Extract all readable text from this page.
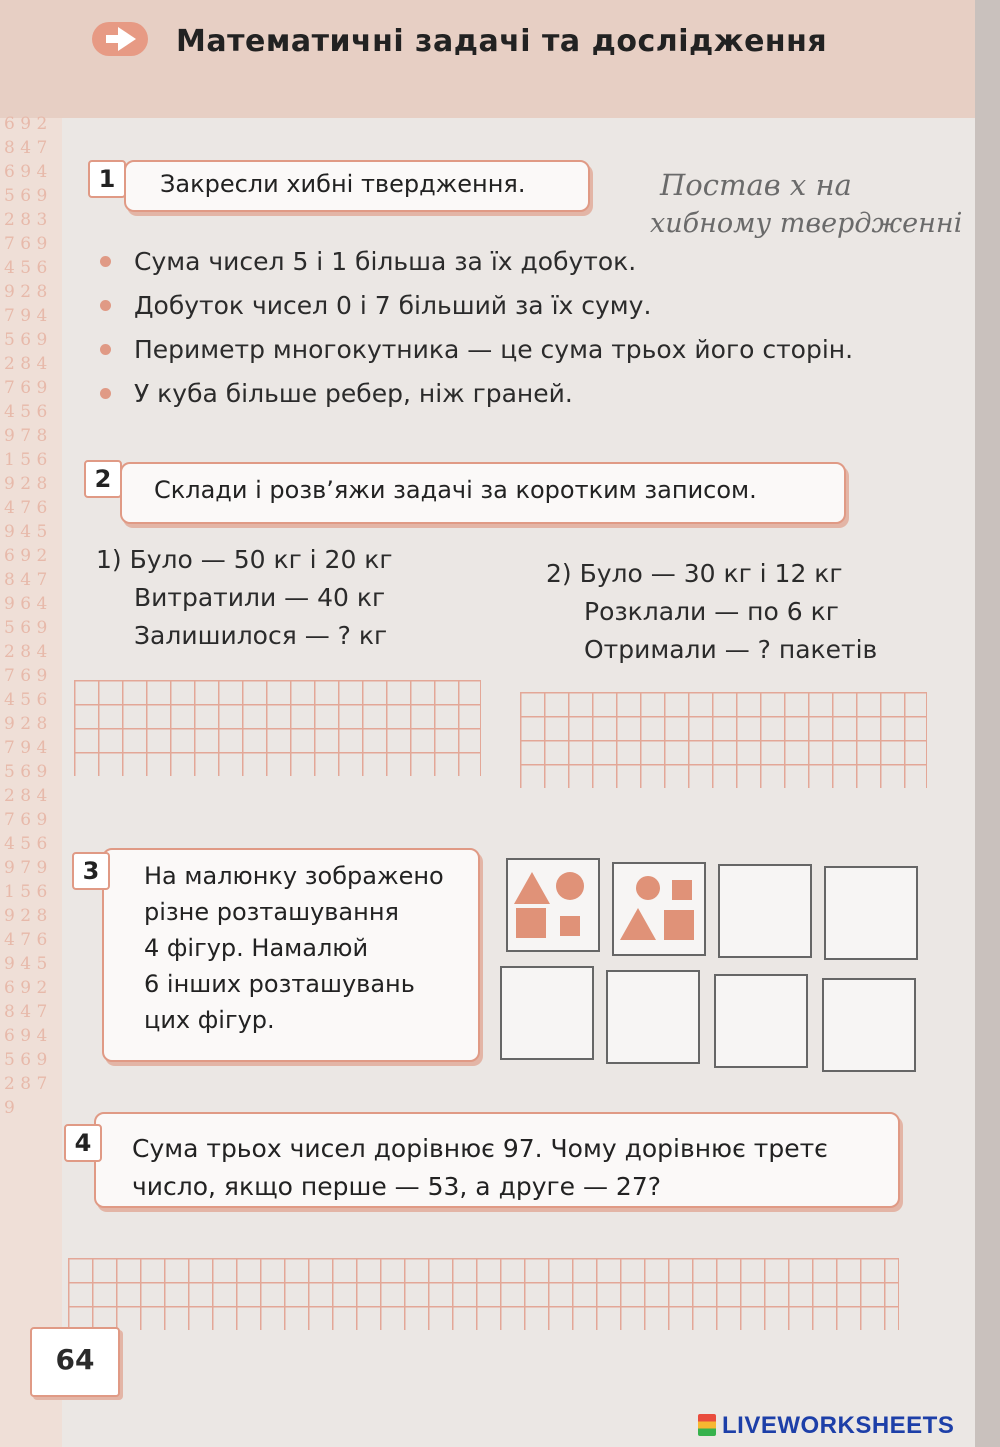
Математичні задачі та дослідження
6 9 2 8 4 7 6 9 4 5 6 9 2 8 3 7 6 9 4 5 6 9 2 8 7 9 4 5 6 9 2 8 4 7 6 9 4 5 6 9 7 8 1 5 6 9 2 8 4 7 6 9 4 5 6 9 2 8 4 7 9 6 4 5 6 9 2 8 4 7 6 9 4 5 6 9 2 8 7 9 4 5 6 9 2 8 4 7 6 9 4 5 6 9 7 9 1 5 6 9 2 8 4 7 6 9 4 5 6 9 2 8 4 7 6 9 4 5 6 9 2 8 7 9
1	Закресли хибні твердження.	Постав х на
хибному твердженні
Сума чисел 5 і 1 більша за їх добуток.
Добуток чисел 0 і 7 більший за їх суму.
Периметр многокутника — це сума трьох його сторін.
У куба більше ребер, ніж граней.
2	Склади і розв’яжи задачі за коротким записом.
1) Було — 50 кг і 20 кг
Витратили — 40 кг
Залишилося — ? кг
2) Було — 30 кг і 12 кг
Розклали — по 6 кг
Отримали — ? пакетів
3	На малюнку зображено
різне розташування
4 фігур. Намалюй
6 інших розташувань
цих фігур.
4	Сума трьох чисел дорівнює 97. Чому дорівнює третє
число, якщо перше — 53, а друге — 27?
64
LIVEWORKSHEETS
